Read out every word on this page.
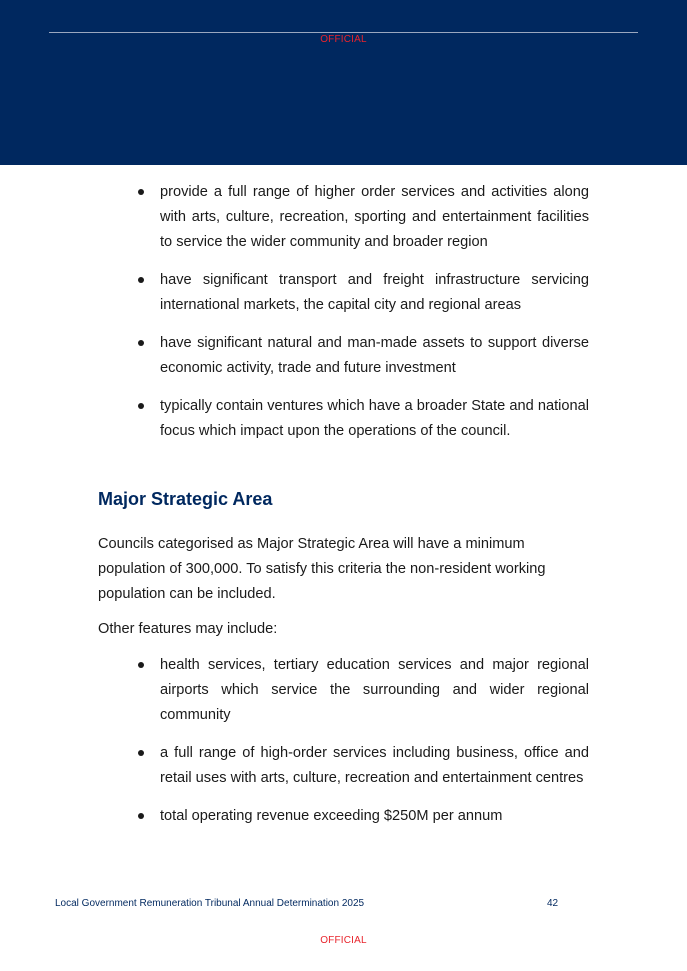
OFFICIAL
provide a full range of higher order services and activities along with arts, culture, recreation, sporting and entertainment facilities to service the wider community and broader region
have significant transport and freight infrastructure servicing international markets, the capital city and regional areas
have significant natural and man-made assets to support diverse economic activity, trade and future investment
typically contain ventures which have a broader State and national focus which impact upon the operations of the council.
Major Strategic Area

Councils categorised as Major Strategic Area will have a minimum population of 300,000. To satisfy this criteria the non-resident working population can be included.

Other features may include:

health services, tertiary education services and major regional airports which service the surrounding and wider regional community
a full range of high-order services including business, office and retail uses with arts, culture, recreation and entertainment centres
total operating revenue exceeding $250M per annum
Local Government Remuneration Tribunal Annual Determination 2025	42
OFFICIAL
